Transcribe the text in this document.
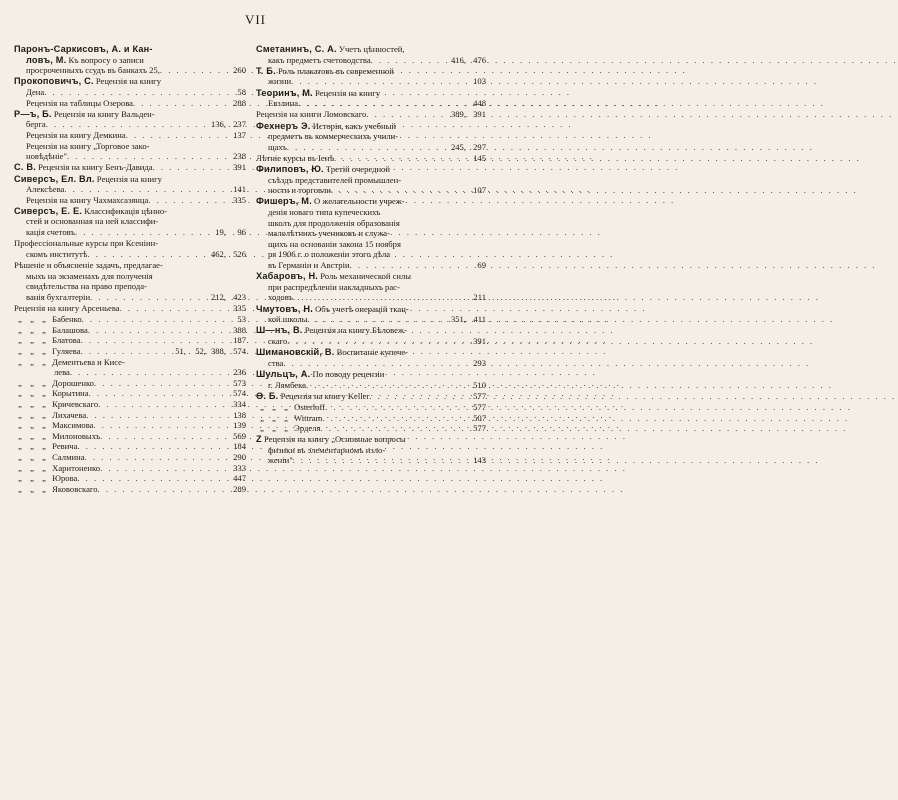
VII
Паронъ-Саркисовъ, А. и Кан-
ловъ, М. Къ вопросу о записи
просроченныхъ ссудъ въ банкахъ 25, . . .	260
Прокоповичъ, С. Рецензія на книгу
Дена . . .	58
Рецензія на таблицы Озерова . . .	288
Р—ъ, Б. Рецензія на книгу Вальден-
берга . . .	136, 237
Рецензія на книгу Демкина . . .	137
Рецензія на книгу „Торговое зако-
новѣдѣніе" . . .	238
С. В. Рецензія на книгу Бенъ-Давида . . .	391
Сиверсъ, Ел. Вл. Рецензія на книгу
Алексѣева . . .	141
Рецензія на книгу Чахмахсазянца . . .	335
Сиверсъ, Е. Е. Классификація цѣнно-
стей и основанная на ней классифи-
кація счетовъ . . .	19, 96
Профессіональные курсы при Ксеніин-
скомъ институтѣ . . .	462, 526
Рѣшеніе и объясненіе задачъ, предлагае-
мыхъ на экзаменахъ для полученія
свидѣтельства на право препода-
ванія бухгалтеріи . . .	212, 423
Рецензія на книгу Арсеньева . . .	335
„ „ „ Бабенко . . .	53
„ „ „ Балашова . . .	388
„ „ „ Блатова . . .	187
„ „ „ Гуляева . . .	51, 52, 388, 574
„ „ „ Дементьева и Кисе-
лева . . .	236
„ „ „ Дорошенко . . .	573
„ „ „ Корытина . . .	574
„ „ „ Кричевскаго . . .	334
„ „ „ Лихачева . . .	138
„ „ „ Максимова . . .	139
„ „ „ Милоновыхъ . . .	569
„ „ „ Ревича . . .	184
„ „ „ Салмина . . .	290
„ „ „ Харитоненко . . .	333
„ „ „ Юрова . . .	447
„ „ „ Якововскаго . . .	289
Сметанинъ, С. А. Учетъ цѣнностей,
какъ предметъ счетоводства . . .	416, 476
Т. Б. Роль плакатовъ въ современной
жизни . . .	103
Теоринъ, М. Рецензія на книгу
Евзлина . . .	448
Рецензія на книги Ломовскаго . . .	389, 391
Фехнеръ Э. Исторія, какъ учебный
предметъ въ коммерческихъ учили-
щахъ . . .	245, 297
Лѣтніе курсы въ Іенѣ . . .	145
Филиповъ, Ю. Третій очередной
съѣздъ представителей промышлен-
ности и торговли . . .	107
Фишеръ, М. О желательности учреж-
денія новаго типа купеческихъ
школъ для продолженія образованія
малолѣтнихъ учениковъ и служа-
щихъ на основаніи закона 15 ноября
ря 1906 г. о положеніи этого дѣла
въ Германіи и Австріи . . .	69
Хабаровъ, Н. Роль механической силы
при распредѣленіи накладныхъ рас-
ходовъ . . .	211
Чмутовъ, Н. Объ учетѣ операцій ткац-
кой школы . . .	351, 411
Ш—нъ, В. Рецензія на книгу Бѣловеж-
скаго . . .	391
Шимановскій, В. Воспитаніе купече-
ства . . .	293
Шульцъ, А. По поводу рецензіи
г. Лямбека . . .	510
Ө. Б. Рецензія на книгу Keller . . .	577
„ „ „ Osterloff . . .	577
„ „ „ Wittram . . .	507
„ „ „ Эрделя . . .	577
Z Рецензія на книгу „Основные вопросы
физики въ элементарномъ изло-
женіи" . . .	143
